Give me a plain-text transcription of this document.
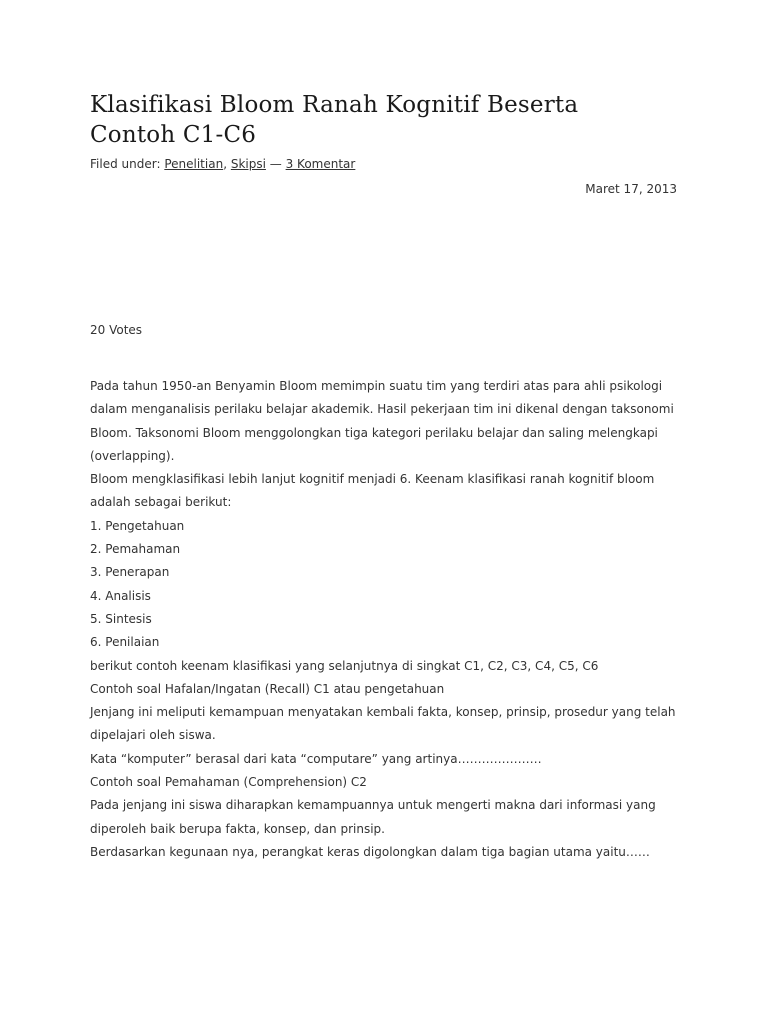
Klasifikasi Bloom Ranah Kognitif Beserta
Contoh C1-C6
Filed under: Penelitian, Skipsi — 3 Komentar
Maret 17, 2013
20 Votes
Pada tahun 1950-an Benyamin Bloom memimpin suatu tim yang terdiri atas para ahli psikologi
dalam menganalisis perilaku belajar akademik. Hasil pekerjaan tim ini dikenal dengan taksonomi
Bloom. Taksonomi Bloom menggolongkan tiga kategori perilaku belajar dan saling melengkapi
(overlapping).
Bloom mengklasifikasi lebih lanjut kognitif menjadi 6. Keenam klasifikasi ranah kognitif bloom
adalah sebagai berikut:
1. Pengetahuan
2. Pemahaman
3. Penerapan
4. Analisis
5. Sintesis
6. Penilaian
berikut contoh keenam klasifikasi yang selanjutnya di singkat C1, C2, C3, C4, C5, C6
Contoh soal Hafalan/Ingatan (Recall) C1 atau pengetahuan
Jenjang ini meliputi kemampuan menyatakan kembali fakta, konsep, prinsip, prosedur yang telah
dipelajari oleh siswa.
Kata “komputer” berasal dari kata “computare” yang artinya…………………
Contoh soal Pemahaman (Comprehension) C2
Pada jenjang ini siswa diharapkan kemampuannya untuk mengerti makna dari informasi yang
diperoleh baik berupa fakta, konsep, dan prinsip.
Berdasarkan kegunaan nya, perangkat keras digolongkan dalam tiga bagian utama yaitu……
